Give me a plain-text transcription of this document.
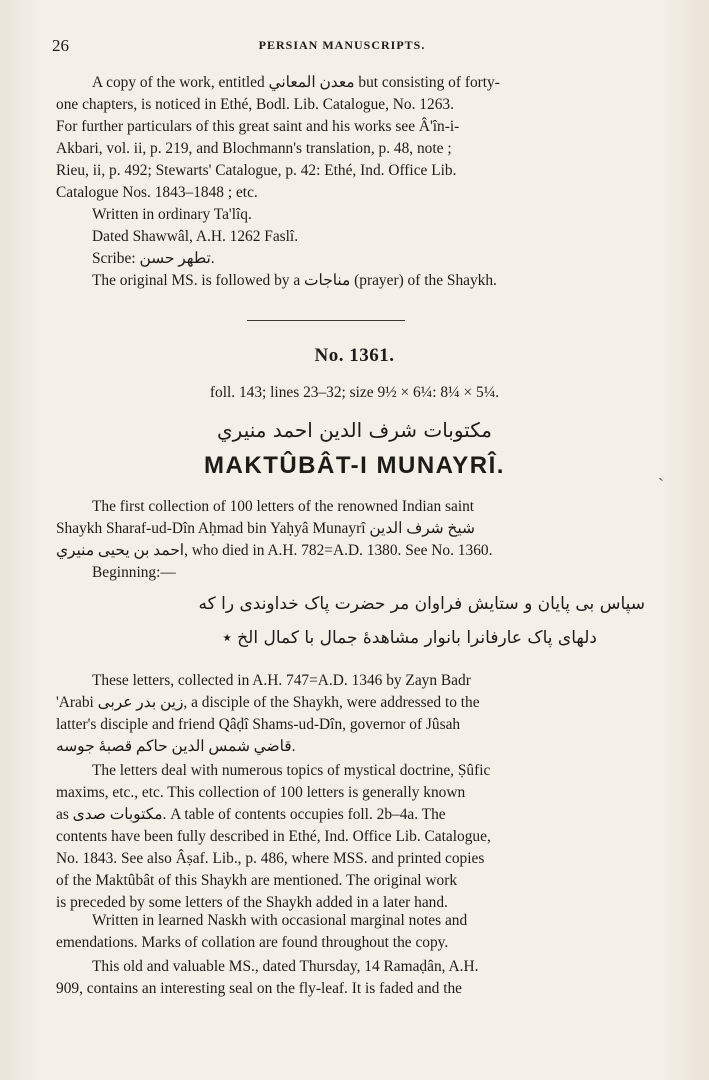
26	PERSIAN MANUSCRIPTS.
A copy of the work, entitled معدن المعاني but consisting of forty-
one chapters, is noticed in Ethé, Bodl. Lib. Catalogue, No. 1263.
For further particulars of this great saint and his works see Â'în-i-
Akbari, vol. ii, p. 219, and Blochmann's translation, p. 48, note ;
Rieu, ii, p. 492; Stewarts' Catalogue, p. 42: Ethé, Ind. Office Lib.
Catalogue Nos. 1843–1848 ; etc.
Written in ordinary Ta'lîq.
Dated Shawwâl, A.H. 1262 Faslî.
Scribe: تطهر حسن.
The original MS. is followed by a مناجات (prayer) of the Shaykh.
No. 1361.
foll. 143; lines 23–32; size 9½ × 6¼: 8¼ × 5¼.
مكتوبات شرف الدين احمد منيري
MAKTÛBÂT-I MUNAYRÎ.	ˎ
The first collection of 100 letters of the renowned Indian saint
Shaykh Sharaf-ud-Dîn Aḥmad bin Yaḥyâ Munayrî شيخ شرف الدين
احمد بن يحيى منيري, who died in A.H. 782=A.D. 1380. See No. 1360.
Beginning:—
سپاس بی پایان و ستایش فراوان مر حضرت پاک خداوندی را که
دلهای پاک عارفانرا بانوار مشاهدهٔ جمال با کمال الخ ٭
These letters, collected in A.H. 747=A.D. 1346 by Zayn Badr
'Arabi زین بدر عربی, a disciple of the Shaykh, were addressed to the
latter's disciple and friend Qâḍî Shams-ud-Dîn, governor of Jûsah
قاضي شمس الدين حاكم قصبهٔ جوسه.
The letters deal with numerous topics of mystical doctrine, Ṣûfic
maxims, etc., etc. This collection of 100 letters is generally known
as مكتوبات صدى. A table of contents occupies foll. 2b–4a. The
contents have been fully described in Ethé, Ind. Office Lib. Catalogue,
No. 1843. See also Âṣaf. Lib., p. 486, where MSS. and printed copies
of the Maktûbât of this Shaykh are mentioned. The original work
is preceded by some letters of the Shaykh added in a later hand.
Written in learned Naskh with occasional marginal notes and
emendations. Marks of collation are found throughout the copy.
This old and valuable MS., dated Thursday, 14 Ramaḍân, A.H.
909, contains an interesting seal on the fly-leaf. It is faded and the
